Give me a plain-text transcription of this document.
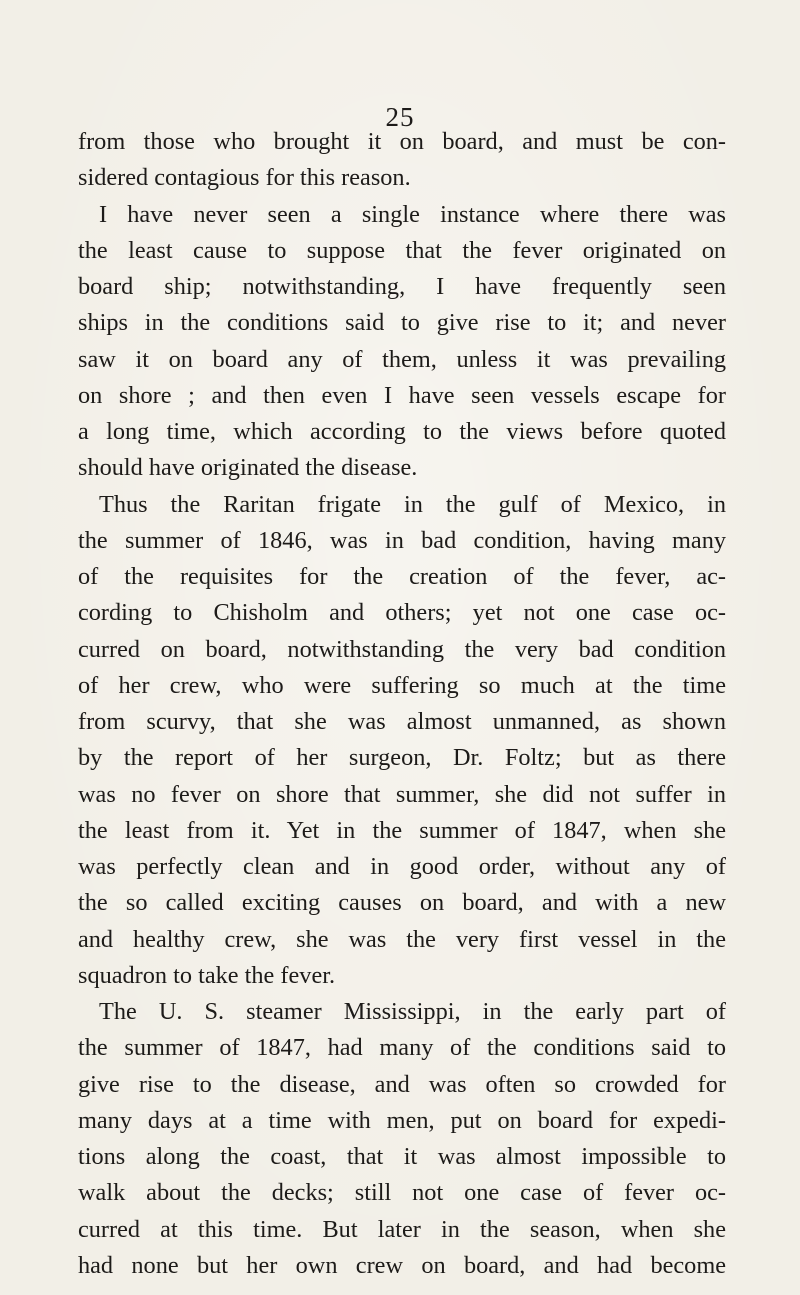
25
from those who brought it on board, and must be con-
sidered contagious for this reason.
I have never seen a single instance where there was
the least cause to suppose that the fever originated on
board ship; notwithstanding, I have frequently seen
ships in the conditions said to give rise to it; and never
saw it on board any of them, unless it was prevailing
on shore ; and then even I have seen vessels escape for
a long time, which according to the views before quoted
should have originated the disease.
Thus the Raritan frigate in the gulf of Mexico, in
the summer of 1846, was in bad condition, having many
of the requisites for the creation of the fever, ac-
cording to Chisholm and others; yet not one case oc-
curred on board, notwithstanding the very bad condition
of her crew, who were suffering so much at the time
from scurvy, that she was almost unmanned, as shown
by the report of her surgeon, Dr. Foltz; but as there
was no fever on shore that summer, she did not suffer in
the least from it. Yet in the summer of 1847, when she
was perfectly clean and in good order, without any of
the so called exciting causes on board, and with a new
and healthy crew, she was the very first vessel in the
squadron to take the fever.
The U. S. steamer Mississippi, in the early part of
the summer of 1847, had many of the conditions said to
give rise to the disease, and was often so crowded for
many days at a time with men, put on board for expedi-
tions along the coast, that it was almost impossible to
walk about the decks; still not one case of fever oc-
curred at this time. But later in the season, when she
had none but her own crew on board, and had become
